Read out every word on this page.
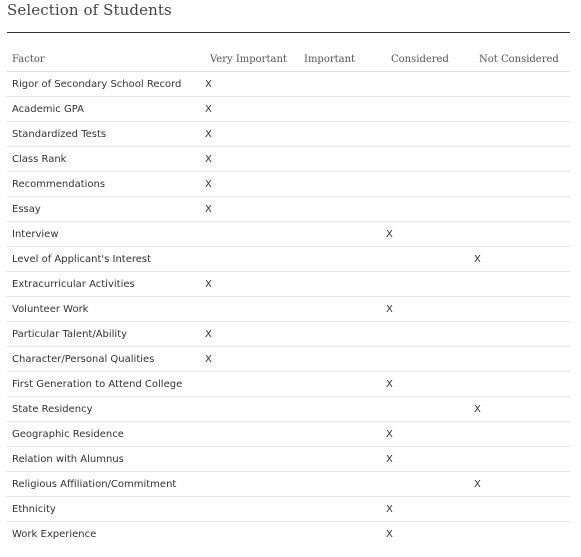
Selection of Students
Factor	Very Important	Important	Considered	Not Considered
Rigor of Secondary School Record	X			
Academic GPA	X			
Standardized Tests	X			
Class Rank	X			
Recommendations	X			
Essay	X			
Interview			X	
Level of Applicant's Interest				X
Extracurricular Activities	X			
Volunteer Work			X	
Particular Talent/Ability	X			
Character/Personal Qualities	X			
First Generation to Attend College			X	
State Residency				X
Geographic Residence			X	
Relation with Alumnus			X	
Religious Affiliation/Commitment				X
Ethnicity			X	
Work Experience			X	
